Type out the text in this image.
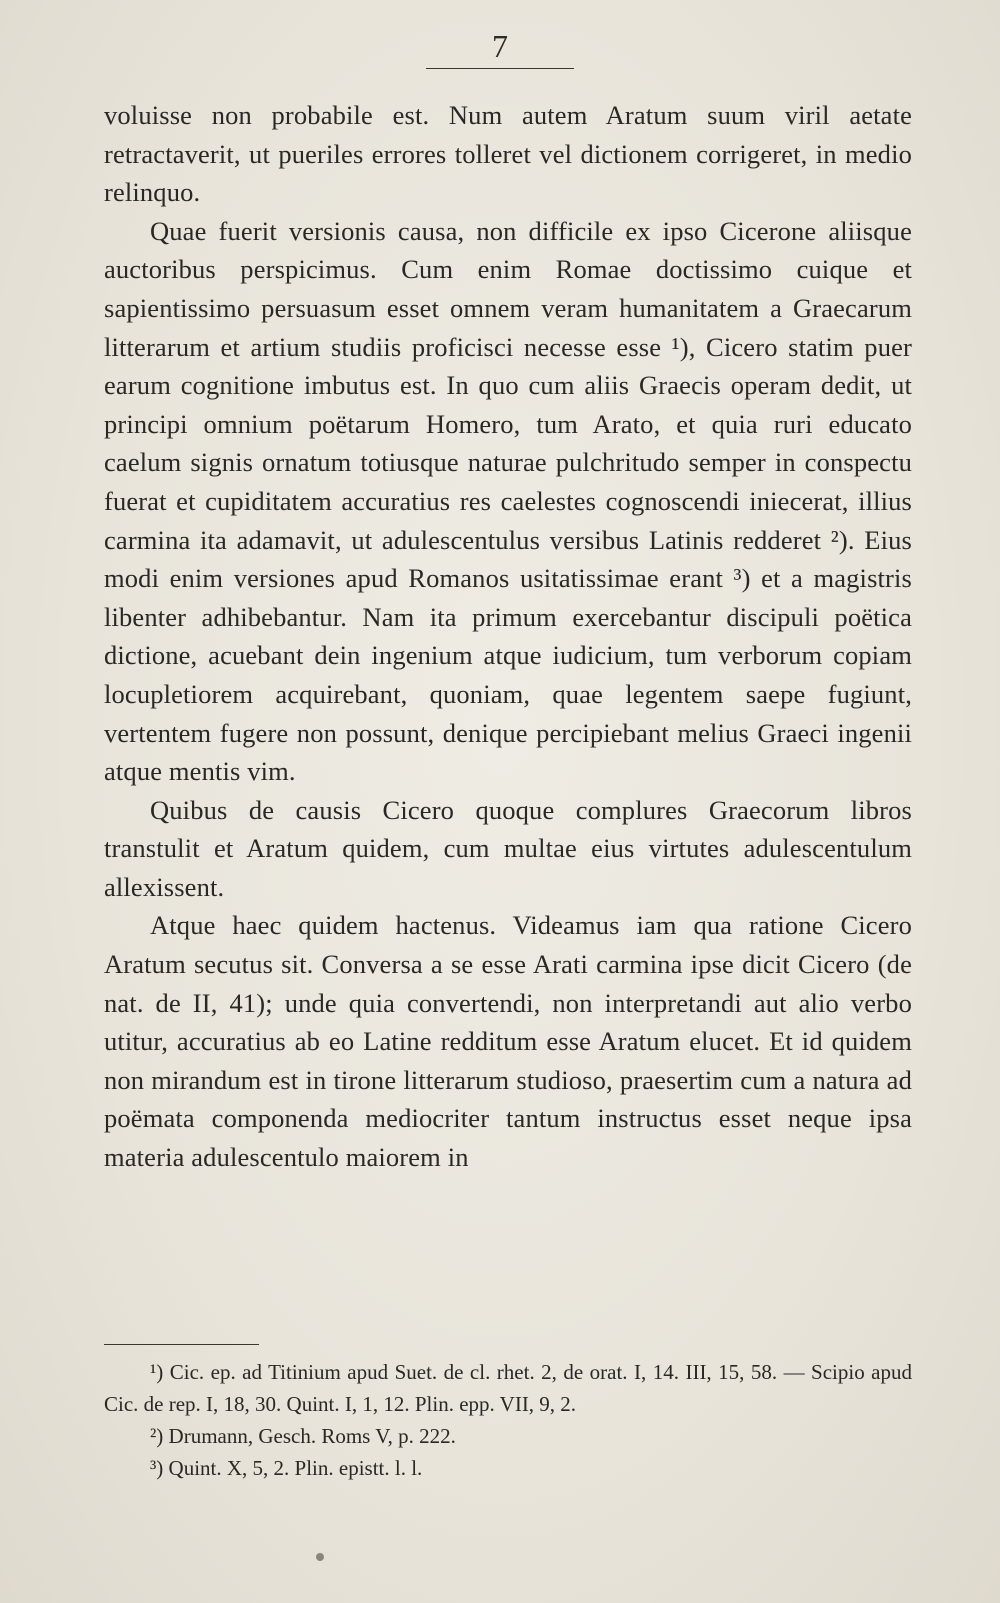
7

voluisse non probabile est. Num autem Aratum suum viril aetate retractaverit, ut pueriles errores tolleret vel dictionem corrigeret, in medio relinquo.

Quae fuerit versionis causa, non difficile ex ipso Cicerone aliisque auctoribus perspicimus. Cum enim Romae doctissimo cuique et sapientissimo persuasum esset omnem veram humanitatem a Graecarum litterarum et artium studiis proficisci necesse esse ¹), Cicero statim puer earum cognitione imbutus est. In quo cum aliis Graecis operam dedit, ut principi omnium poëtarum Homero, tum Arato, et quia ruri educato caelum signis ornatum totiusque naturae pulchritudo semper in conspectu fuerat et cupiditatem accuratius res caelestes cognoscendi iniecerat, illius carmina ita adamavit, ut adulescentulus versibus Latinis redderet ²). Eius modi enim versiones apud Romanos usitatissimae erant ³) et a magistris libenter adhibebantur. Nam ita primum exercebantur discipuli poëtica dictione, acuebant dein ingenium atque iudicium, tum verborum copiam locupletiorem acquirebant, quoniam, quae legentem saepe fugiunt, vertentem fugere non possunt, denique percipiebant melius Graeci ingenii atque mentis vim.

Quibus de causis Cicero quoque complures Graecorum libros transtulit et Aratum quidem, cum multae eius virtutes adulescentulum allexissent.

Atque haec quidem hactenus. Videamus iam qua ratione Cicero Aratum secutus sit. Conversa a se esse Arati carmina ipse dicit Cicero (de nat. de II, 41); unde quia convertendi, non interpretandi aut alio verbo utitur, accuratius ab eo Latine redditum esse Aratum elucet. Et id quidem non mirandum est in tirone litterarum studioso, praesertim cum a natura ad poëmata componenda mediocriter tantum instructus esset neque ipsa materia adulescentulo maiorem in

¹) Cic. ep. ad Titinium apud Suet. de cl. rhet. 2, de orat. I, 14. III, 15, 58. — Scipio apud Cic. de rep. I, 18, 30. Quint. I, 1, 12. Plin. epp. VII, 9, 2.

²) Drumann, Gesch. Roms V, p. 222.

³) Quint. X, 5, 2. Plin. epistt. l. l.
